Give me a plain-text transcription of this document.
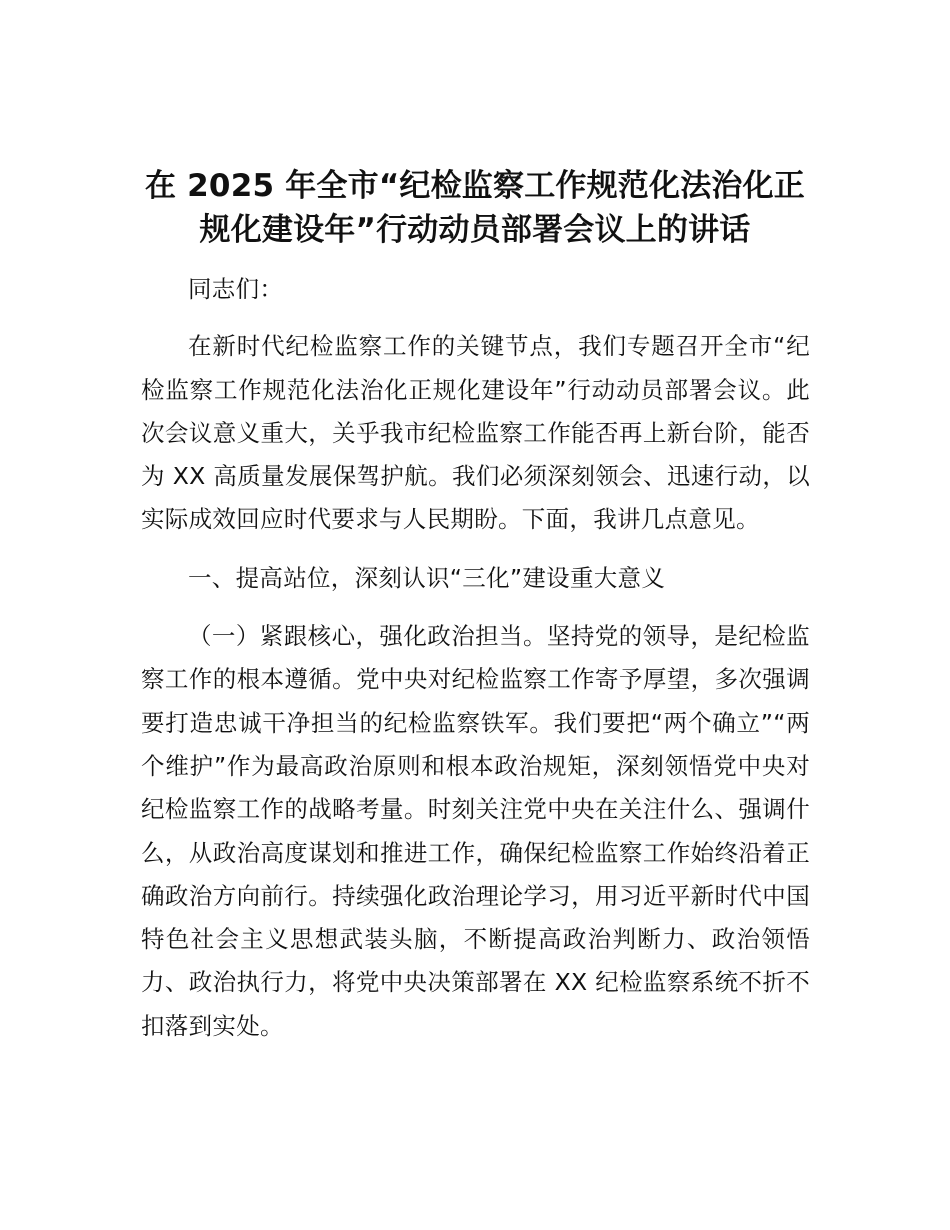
在 2025 年全市“纪检监察工作规范化法治化正
规化建设年”行动动员部署会议上的讲话

同志们：

在新时代纪检监察工作的关键节点，我们专题召开全市“纪检监察工作规范化法治化正规化建设年”行动动员部署会议。此次会议意义重大，关乎我市纪检监察工作能否再上新台阶，能否为 XX 高质量发展保驾护航。我们必须深刻领会、迅速行动，以实际成效回应时代要求与人民期盼。下面，我讲几点意见。

一、提高站位，深刻认识“三化”建设重大意义

（一）紧跟核心，强化政治担当。坚持党的领导，是纪检监察工作的根本遵循。党中央对纪检监察工作寄予厚望，多次强调要打造忠诚干净担当的纪检监察铁军。我们要把“两个确立”“两个维护”作为最高政治原则和根本政治规矩，深刻领悟党中央对纪检监察工作的战略考量。时刻关注党中央在关注什么、强调什么，从政治高度谋划和推进工作，确保纪检监察工作始终沿着正确政治方向前行。持续强化政治理论学习，用习近平新时代中国特色社会主义思想武装头脑，不断提高政治判断力、政治领悟力、政治执行力，将党中央决策部署在 XX 纪检监察系统不折不扣落到实处。
